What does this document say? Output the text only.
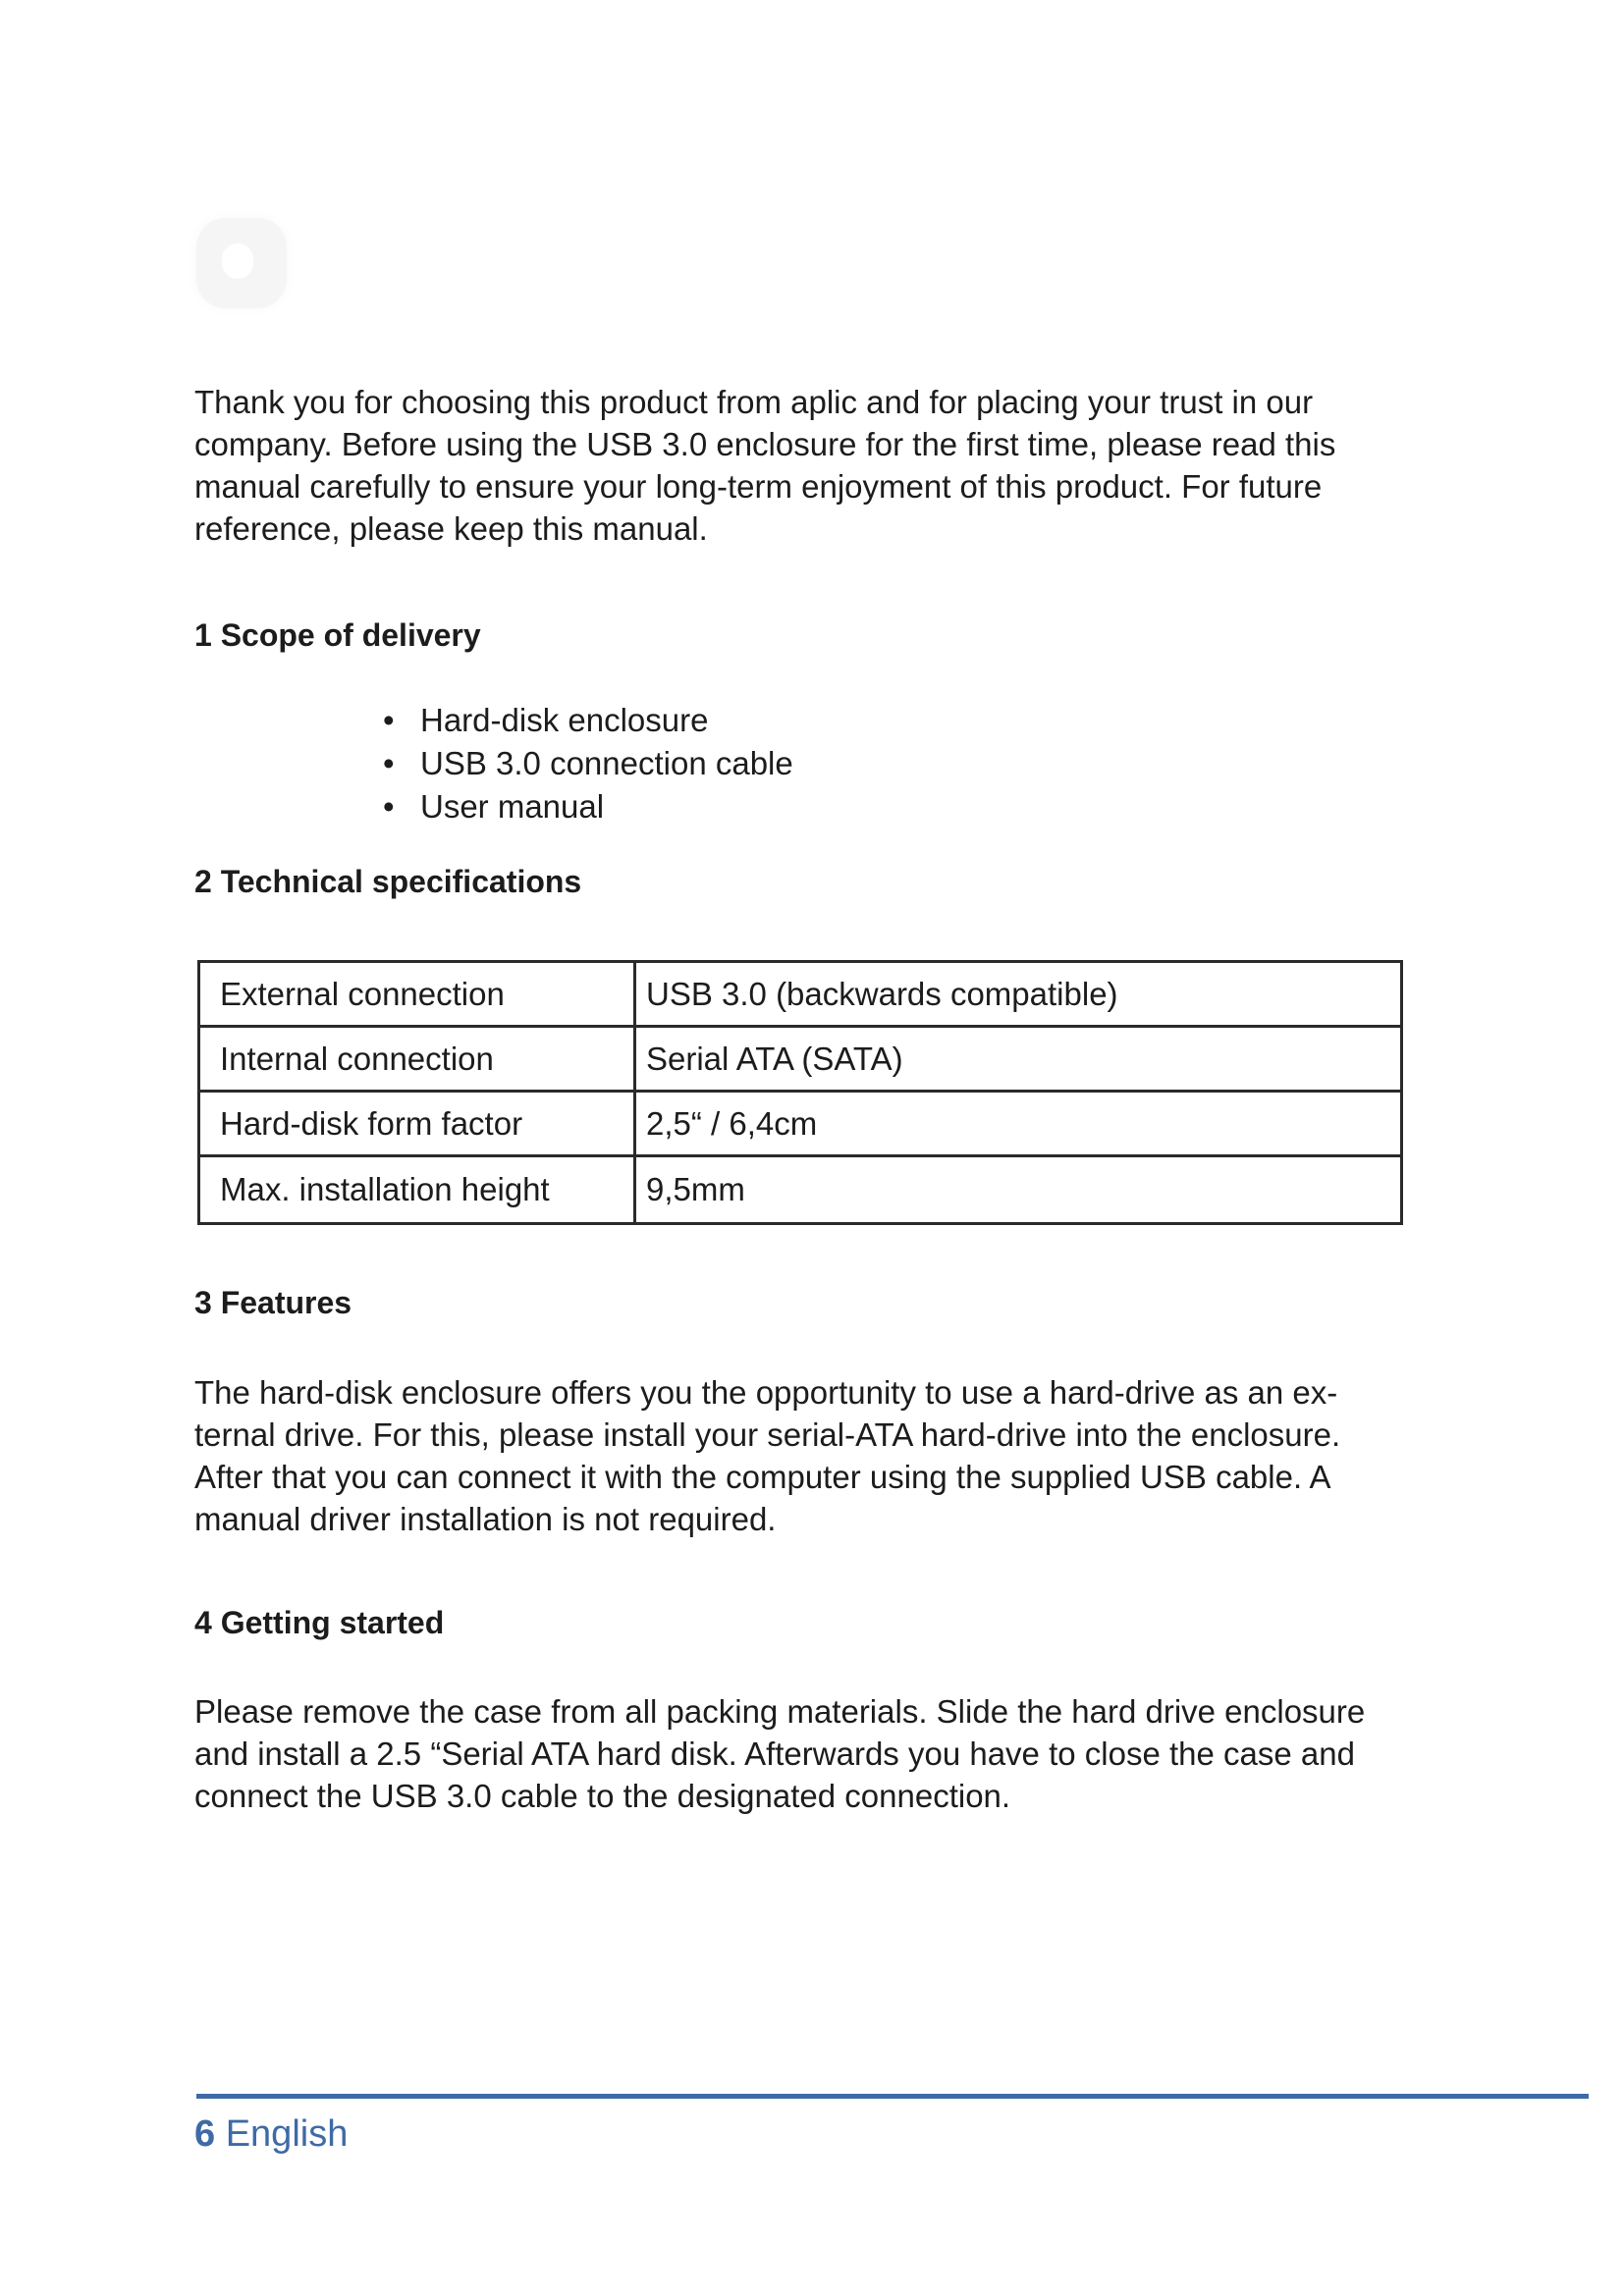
Thank you for choosing this product from aplic and for placing your trust in our
company. Before using the USB 3.0 enclosure for the first time, please read this
manual carefully to ensure your long-term enjoyment of this product. For future
reference, please keep this manual.
1 Scope of delivery
• Hard-disk enclosure
• USB 3.0 connection cable
• User manual
2 Technical specifications
External connection	USB 3.0 (backwards compatible)
Internal connection	Serial ATA (SATA)
Hard-disk form factor	2,5“ / 6,4cm
Max. installation height	9,5mm
3 Features
The hard-disk enclosure offers you the opportunity to use a hard-drive as an ex-
ternal drive. For this, please install your serial-ATA hard-drive into the enclosure.
After that you can connect it with the computer using the supplied USB cable. A
manual driver installation is not required.
4 Getting started
Please remove the case from all packing materials. Slide the hard drive enclosure
and install a 2.5 “Serial ATA hard disk. Afterwards you have to close the case and
connect the USB 3.0 cable to the designated connection.
6 English
